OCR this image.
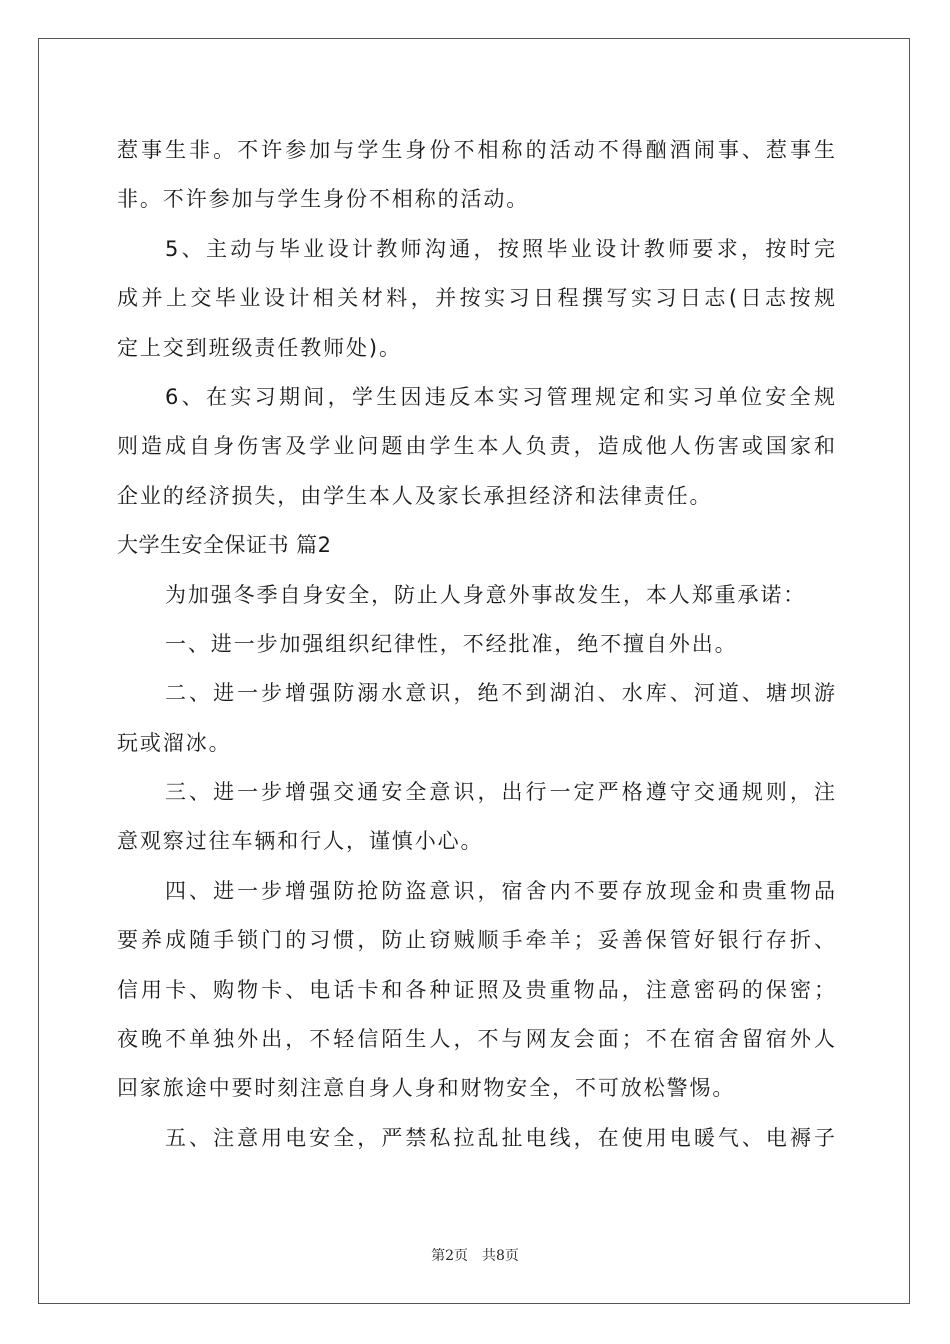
惹事生非。不许参加与学生身份不相称的活动不得酗酒闹事、惹事生
非。不许参加与学生身份不相称的活动。
5、主动与毕业设计教师沟通，按照毕业设计教师要求，按时完
成并上交毕业设计相关材料，并按实习日程撰写实习日志(日志按规
定上交到班级责任教师处)。
6、在实习期间，学生因违反本实习管理规定和实习单位安全规
则造成自身伤害及学业问题由学生本人负责，造成他人伤害或国家和
企业的经济损失，由学生本人及家长承担经济和法律责任。
大学生安全保证书 篇2
为加强冬季自身安全，防止人身意外事故发生，本人郑重承诺：
一、进一步加强组织纪律性，不经批准，绝不擅自外出。
二、进一步增强防溺水意识，绝不到湖泊、水库、河道、塘坝游
玩或溜冰。
三、进一步增强交通安全意识，出行一定严格遵守交通规则，注
意观察过往车辆和行人，谨慎小心。
四、进一步增强防抢防盗意识，宿舍内不要存放现金和贵重物品
要养成随手锁门的习惯，防止窃贼顺手牵羊；妥善保管好银行存折、
信用卡、购物卡、电话卡和各种证照及贵重物品，注意密码的保密；
夜晚不单独外出，不轻信陌生人，不与网友会面；不在宿舍留宿外人
回家旅途中要时刻注意自身人身和财物安全，不可放松警惕。
五、注意用电安全，严禁私拉乱扯电线，在使用电暖气、电褥子
第2页 共8页
